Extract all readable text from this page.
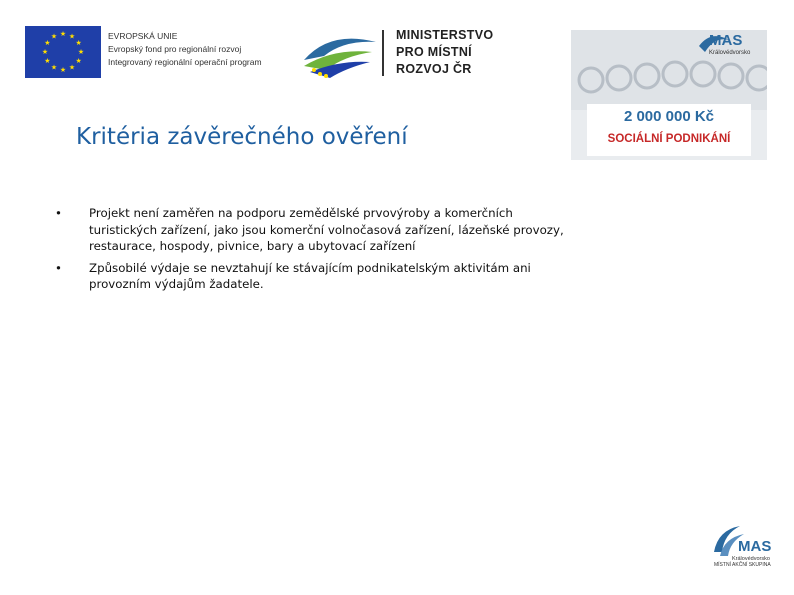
★ ★
★
★
★
★
★
★
★
★
★
★	EVROPSKÁ UNIE
Evropský fond pro regionální rozvoj
Integrovaný regionální operační program
MINISTERSTVO
PRO MÍSTNÍ
ROZVOJ ČR
MAS
Královédvorsko
2 000 000 Kč
SOCIÁLNÍ PODNIKÁNÍ
Kritéria závěrečného ověření
• Projekt není zaměřen na podporu zemědělské prvovýroby a komerčních turistických zařízení, jako jsou komerční volnočasová zařízení, lázeňské provozy, restaurace, hospody, pivnice, bary a ubytovací zařízení
• Způsobilé výdaje se nevztahují ke stávajícím podnikatelským aktivitám ani provozním výdajům žadatele.
MAS
Královédvorsko
MÍSTNÍ AKČNÍ SKUPINA
